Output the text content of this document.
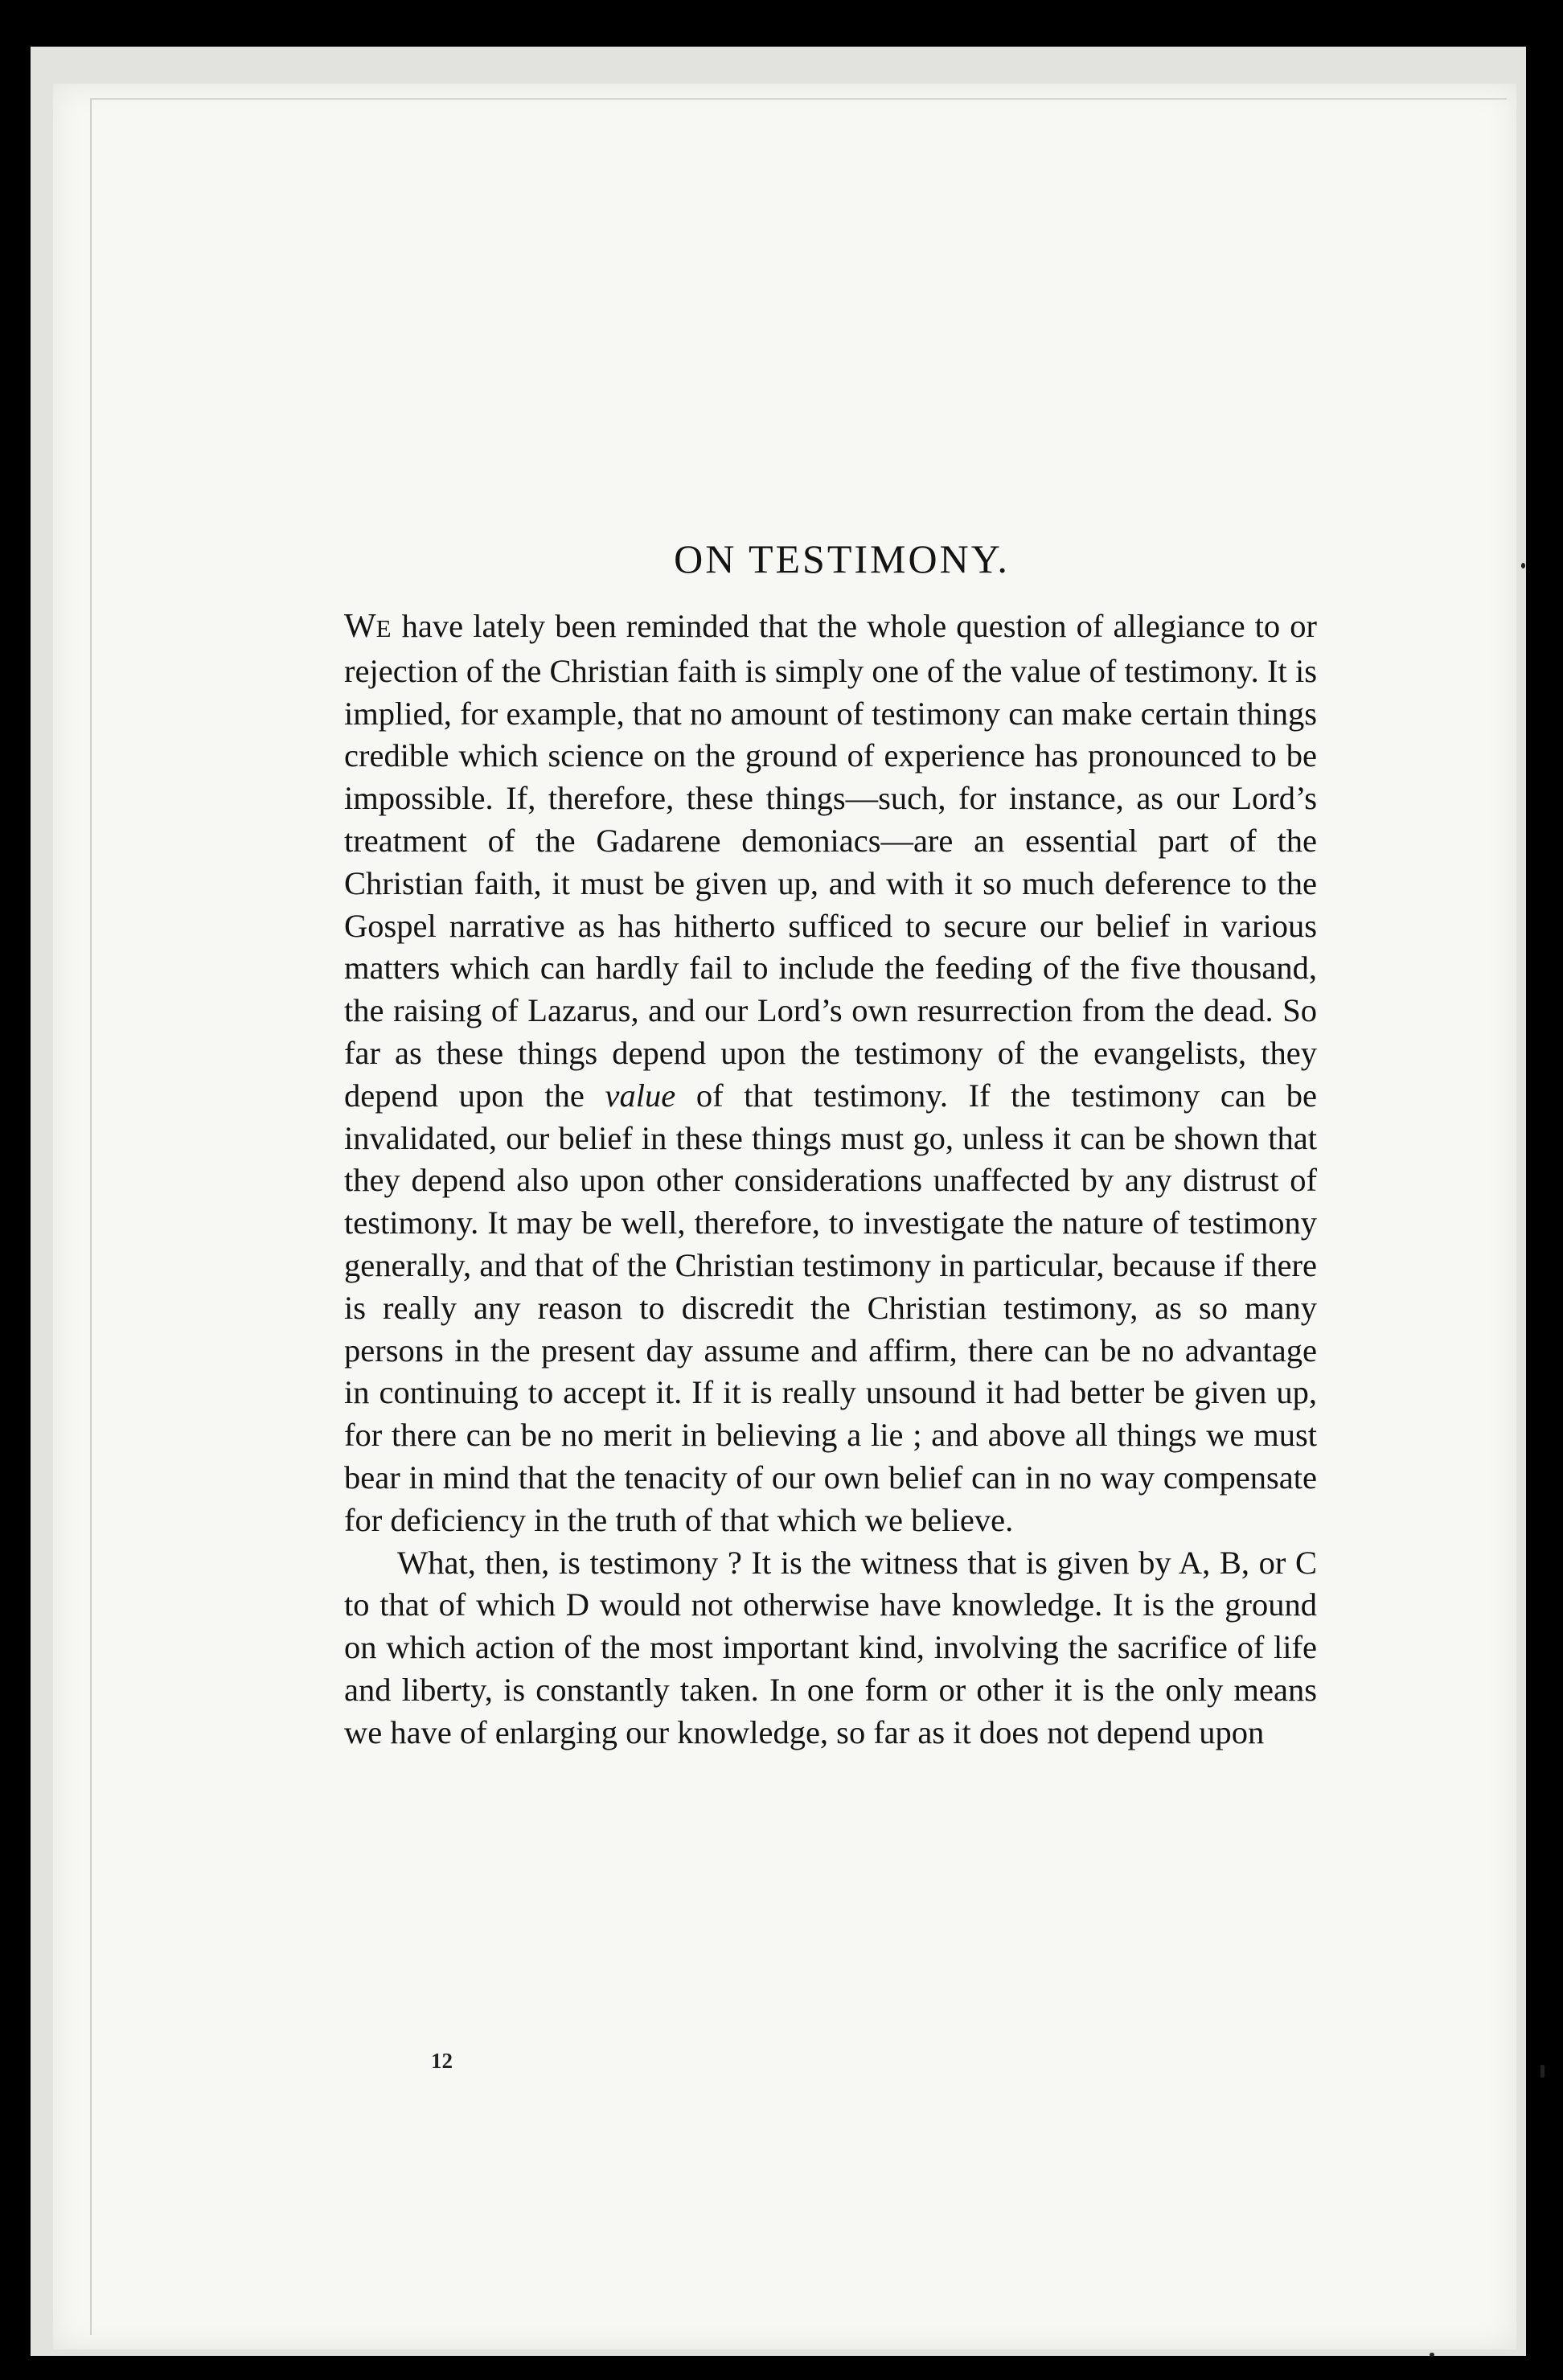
ON TESTIMONY.

WE have lately been reminded that the whole question of allegiance to or rejection of the Christian faith is simply one of the value of testimony. It is implied, for example, that no amount of testimony can make certain things credible which science on the ground of experience has pronounced to be impossible. If, therefore, these things—such, for instance, as our Lord’s treatment of the Gadarene demoniacs—are an essential part of the Christian faith, it must be given up, and with it so much deference to the Gospel narrative as has hitherto sufficed to secure our belief in various matters which can hardly fail to include the feeding of the five thousand, the raising of Lazarus, and our Lord’s own resurrection from the dead. So far as these things depend upon the testimony of the evangelists, they depend upon the value of that testimony. If the testimony can be invalidated, our belief in these things must go, unless it can be shown that they depend also upon other considerations unaffected by any distrust of testimony. It may be well, therefore, to investigate the nature of testimony generally, and that of the Christian testimony in particular, because if there is really any reason to discredit the Christian testimony, as so many persons in the present day assume and affirm, there can be no advantage in continuing to accept it. If it is really unsound it had better be given up, for there can be no merit in believing a lie ; and above all things we must bear in mind that the tenacity of our own belief can in no way compensate for deficiency in the truth of that which we believe.

What, then, is testimony ? It is the witness that is given by A, B, or C to that of which D would not otherwise have knowledge. It is the ground on which action of the most important kind, involving the sacrifice of life and liberty, is constantly taken. In one form or other it is the only means we have of enlarging our knowledge, so far as it does not depend upon

12
